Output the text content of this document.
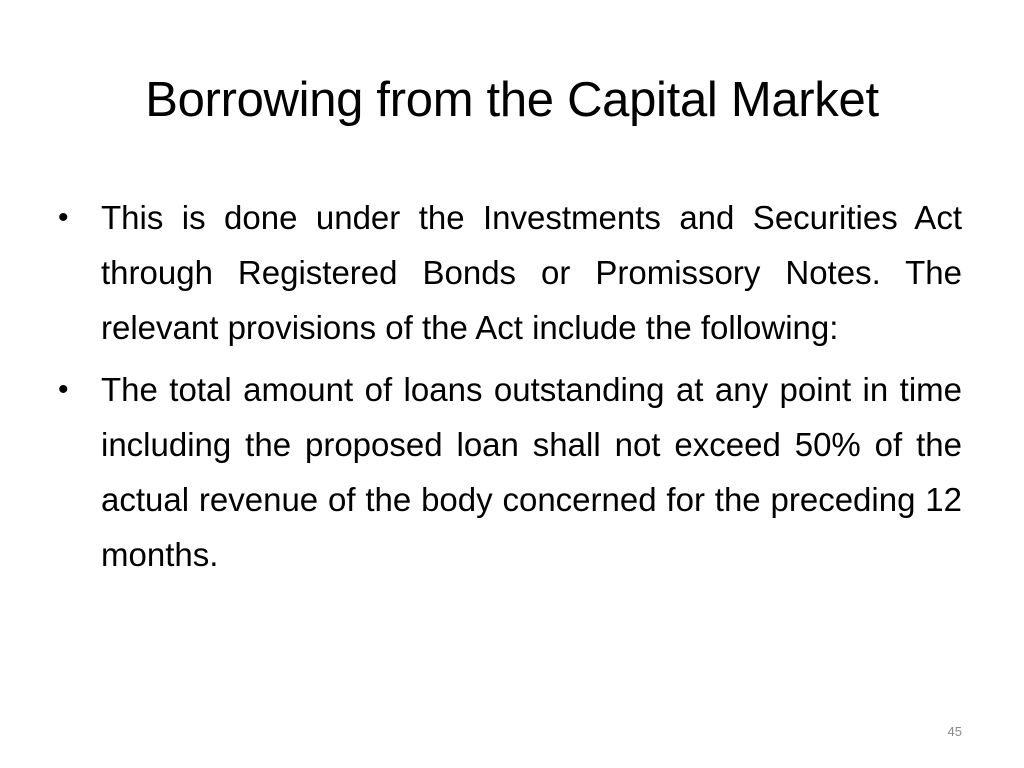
Borrowing from the Capital Market
• This is done under the Investments and Securities Act through Registered Bonds or Promissory Notes. The relevant provisions of the Act include the following:
• The total amount of loans outstanding at any point in time including the proposed loan shall not exceed 50% of the actual revenue of the body concerned for the preceding 12 months.
45
